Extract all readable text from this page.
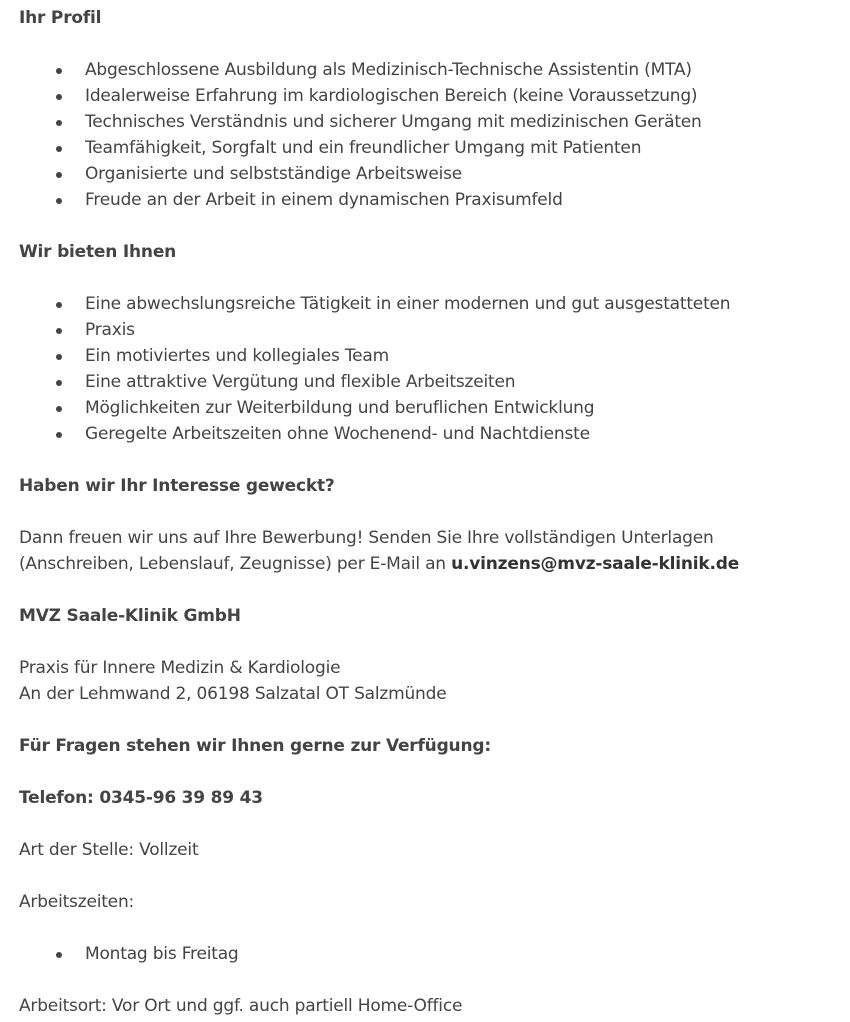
Ihr Profil
Abgeschlossene Ausbildung als Medizinisch-Technische Assistentin (MTA)
Idealerweise Erfahrung im kardiologischen Bereich (keine Voraussetzung)
Technisches Verständnis und sicherer Umgang mit medizinischen Geräten
Teamfähigkeit, Sorgfalt und ein freundlicher Umgang mit Patienten
Organisierte und selbstständige Arbeitsweise
Freude an der Arbeit in einem dynamischen Praxisumfeld
Wir bieten Ihnen
Eine abwechslungsreiche Tätigkeit in einer modernen und gut ausgestatteten
Praxis
Ein motiviertes und kollegiales Team
Eine attraktive Vergütung und flexible Arbeitszeiten
Möglichkeiten zur Weiterbildung und beruflichen Entwicklung
Geregelte Arbeitszeiten ohne Wochenend- und Nachtdienste
Haben wir Ihr Interesse geweckt?
Dann freuen wir uns auf Ihre Bewerbung! Senden Sie Ihre vollständigen Unterlagen
(Anschreiben, Lebenslauf, Zeugnisse) per E-Mail an u.vinzens@mvz-saale-klinik.de
MVZ Saale-Klinik GmbH
Praxis für Innere Medizin & Kardiologie
An der Lehmwand 2, 06198 Salzatal OT Salzmünde
Für Fragen stehen wir Ihnen gerne zur Verfügung:
Telefon: 0345-96 39 89 43
Art der Stelle: Vollzeit
Arbeitszeiten:
Montag bis Freitag
Arbeitsort: Vor Ort und ggf. auch partiell Home-Office
